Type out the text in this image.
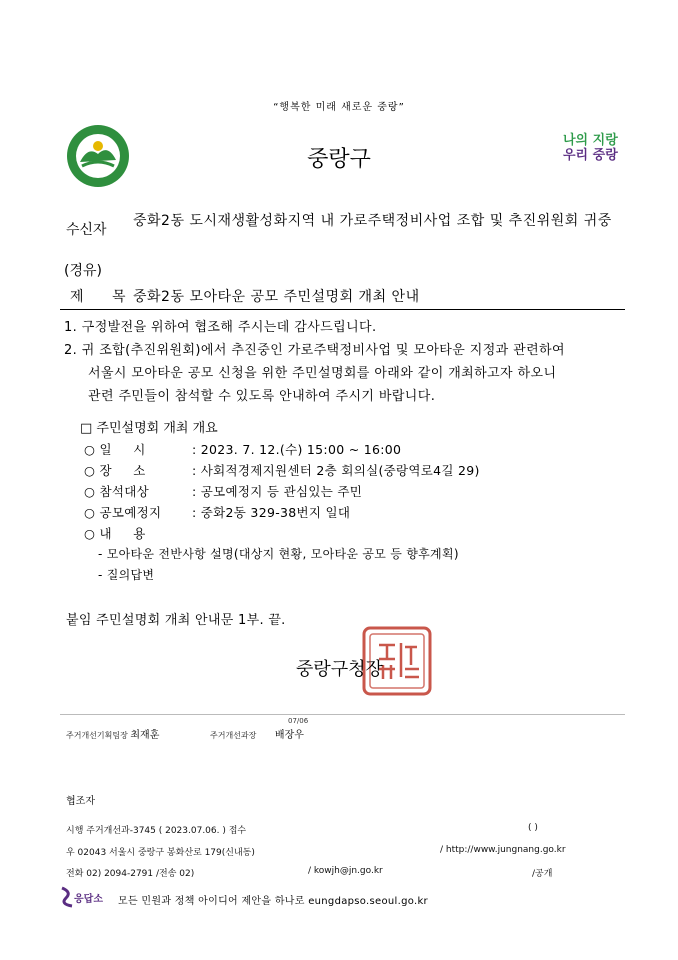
“행복한 미래 새로운 중랑”
중랑구
나의 지랑
우리 중랑
수신자
중화2동 도시재생활성화지역 내 가로주택정비사업 조합 및 추진위원회 귀중
(경유)
제 목
중화2동 모아타운 공모 주민설명회 개최 안내
1. 구정발전을 위하여 협조해 주시는데 감사드립니다.
2. 귀 조합(추진위원회)에서 추진중인 가로주택정비사업 및 모아타운 지정과 관련하여
서울시 모아타운 공모 신청을 위한 주민설명회를 아래와 같이 개최하고자 하오니
관련 주민들이 참석할 수 있도록 안내하여 주시기 바랍니다.
□ 주민설명회 개최 개요
○ 일     시	: 2023. 7. 12.(수) 15:00 ~ 16:00
○ 장     소	: 사회적경제지원센터 2층 회의실(중랑역로4길 29)
○ 참석대상	: 공모예정지 등 관심있는 주민
○ 공모예정지 : 중화2동 329-38번지 일대
○ 내     용
- 모아타운 전반사항 설명(대상지 현황, 모아타운 공모 등 향후계획)
- 질의답변
붙임 주민설명회 개최 안내문 1부. 끝.
중랑구청장
주거개선기획팀장 최재훈
07/06
주거개선과장 배장우
협조자
시행 주거개선과-3745 ( 2023.07.06. ) 접수	( )
우 02043 서울시 중랑구 봉화산로 179(신내동)	/ http://www.jungnang.go.kr
전화 02) 2094-2791 /전송 02)	/ kowjh@jn.go.kr	/공개
응답소 모든 민원과 정책 아이디어 제안을 하나로 eungdapso.seoul.go.kr
